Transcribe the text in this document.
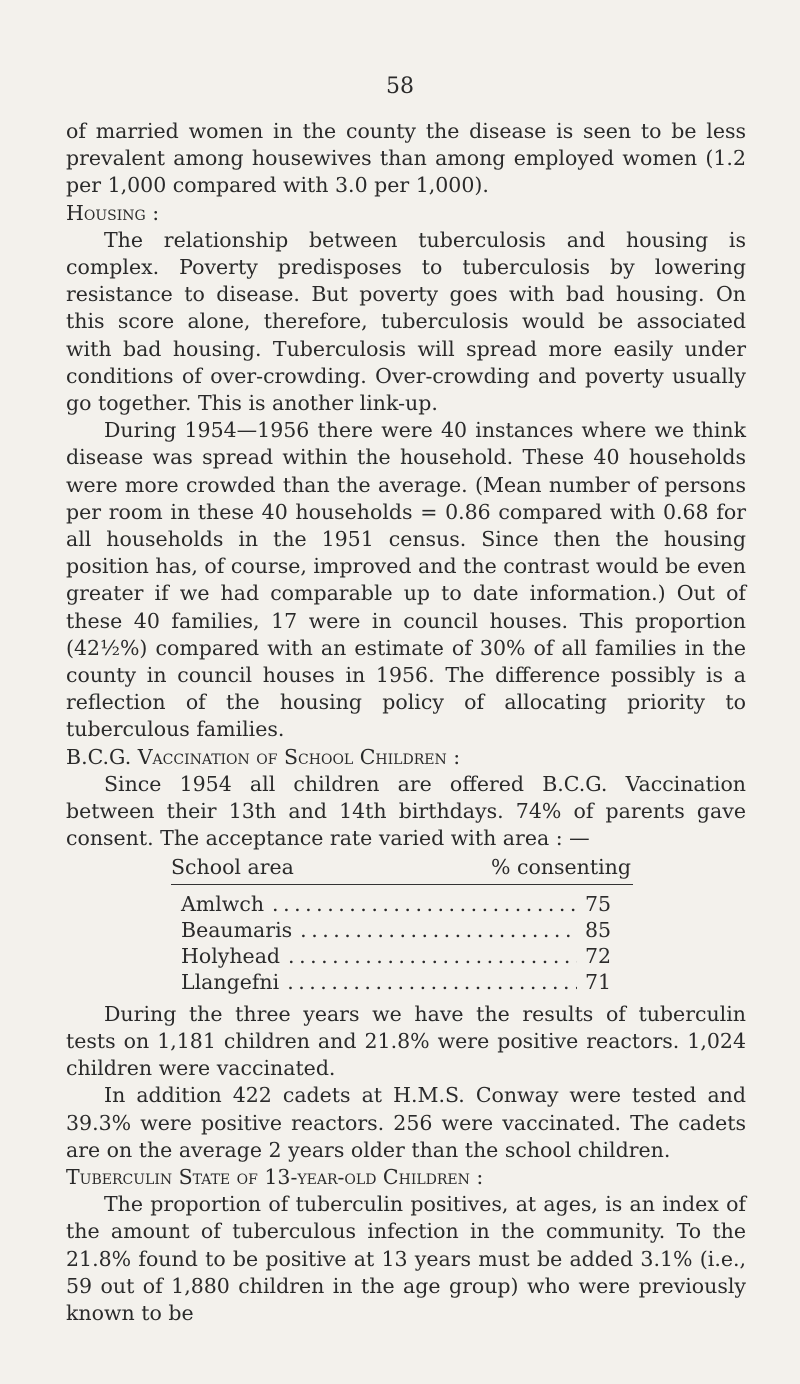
58

of married women in the county the disease is seen to be less prevalent among housewives than among employed women (1.2 per 1,000 compared with 3.0 per 1,000).

Housing :

The relationship between tuberculosis and housing is complex. Poverty predisposes to tuberculosis by lowering resistance to disease. But poverty goes with bad housing. On this score alone, therefore, tuberculosis would be associated with bad housing. Tuberculosis will spread more easily under conditions of over-crowding. Over-crowding and poverty usually go together. This is another link-up.

During 1954—1956 there were 40 instances where we think disease was spread within the household. These 40 households were more crowded than the average. (Mean number of persons per room in these 40 households = 0.86 compared with 0.68 for all households in the 1951 census. Since then the housing position has, of course, improved and the contrast would be even greater if we had comparable up to date information.) Out of these 40 families, 17 were in council houses. This proportion (42½%) compared with an estimate of 30% of all families in the county in council houses in 1956. The difference possibly is a reflection of the housing policy of allocating priority to tuberculous families.

B.C.G. Vaccination of School Children :

Since 1954 all children are offered B.C.G. Vaccination between their 13th and 14th birthdays. 74% of parents gave consent. The acceptance rate varied with area : —

School area	% consenting
Amlwch . . .	75
Beaumaris . . .	85
Holyhead . . .	72
Llangefni . . .	71

During the three years we have the results of tuberculin tests on 1,181 children and 21.8% were positive reactors. 1,024 children were vaccinated.

In addition 422 cadets at H.M.S. Conway were tested and 39.3% were positive reactors. 256 were vaccinated. The cadets are on the average 2 years older than the school children.

Tuberculin State of 13-year-old Children :

The proportion of tuberculin positives, at ages, is an index of the amount of tuberculous infection in the community. To the 21.8% found to be positive at 13 years must be added 3.1% (i.e., 59 out of 1,880 children in the age group) who were previously known to be
